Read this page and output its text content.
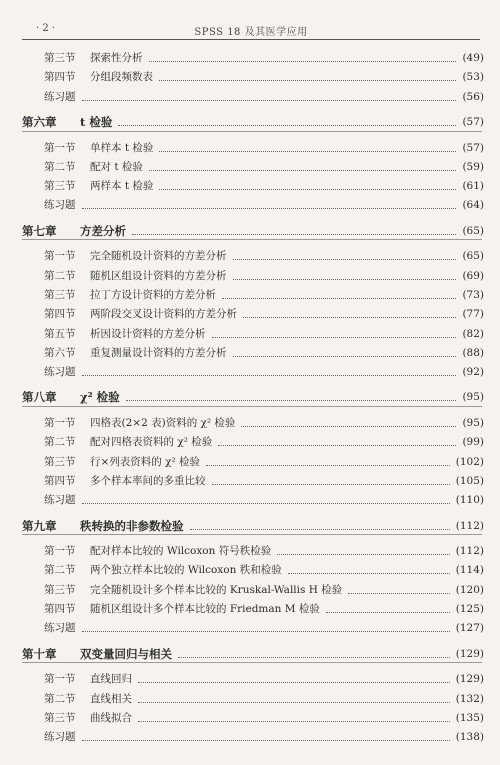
· 2 ·	SPSS 18 及其医学应用
第三节 探索性分析	(49)
第四节 分组段频数表	(53)
练习题	(56)
第六章 t 检验	(57)
第一节 单样本 t 检验	(57)
第二节 配对 t 检验	(59)
第三节 两样本 t 检验	(61)
练习题	(64)
第七章 方差分析	(65)
第一节 完全随机设计资料的方差分析	(65)
第二节 随机区组设计资料的方差分析	(69)
第三节 拉丁方设计资料的方差分析	(73)
第四节 两阶段交叉设计资料的方差分析	(77)
第五节 析因设计资料的方差分析	(82)
第六节 重复测量设计资料的方差分析	(88)
练习题	(92)
第八章 χ² 检验	(95)
第一节 四格表(2×2 表)资料的 χ² 检验	(95)
第二节 配对四格表资料的 χ² 检验	(99)
第三节 行×列表资料的 χ² 检验	(102)
第四节 多个样本率间的多重比较	(105)
练习题	(110)
第九章 秩转换的非参数检验	(112)
第一节 配对样本比较的 Wilcoxon 符号秩检验	(112)
第二节 两个独立样本比较的 Wilcoxon 秩和检验	(114)
第三节 完全随机设计多个样本比较的 Kruskal-Wallis H 检验	(120)
第四节 随机区组设计多个样本比较的 Friedman M 检验	(125)
练习题	(127)
第十章 双变量回归与相关	(129)
第一节 直线回归	(129)
第二节 直线相关	(132)
第三节 曲线拟合	(135)
练习题	(138)
